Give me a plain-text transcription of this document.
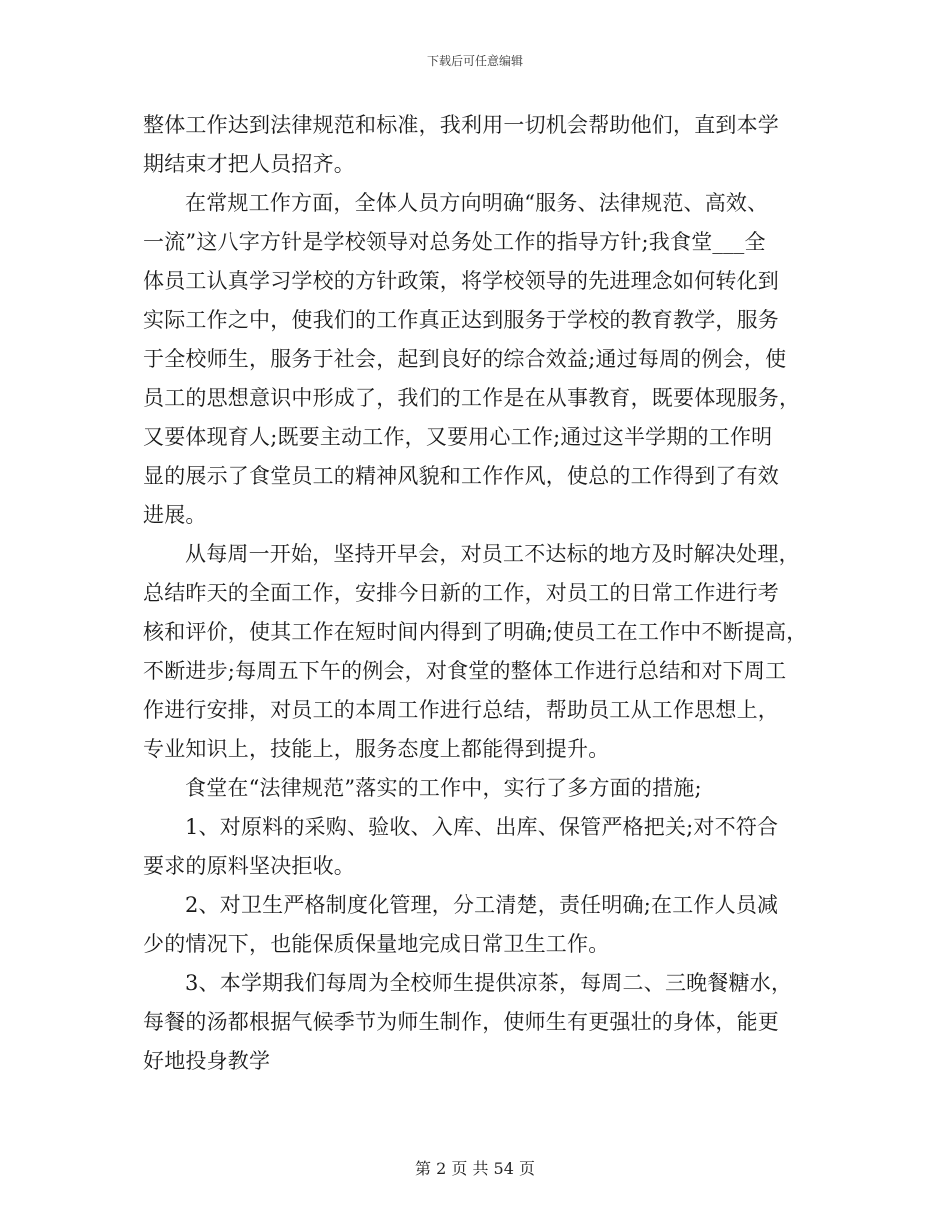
下载后可任意编辑
整体工作达到法律规范和标准，我利用一切机会帮助他们，直到本学
期结束才把人员招齐。
在常规工作方面，全体人员方向明确“服务、法律规范、高效、
一流”这八字方针是学校领导对总务处工作的指导方针;我食堂___全
体员工认真学习学校的方针政策，将学校领导的先进理念如何转化到
实际工作之中，使我们的工作真正达到服务于学校的教育教学，服务
于全校师生，服务于社会，起到良好的综合效益;通过每周的例会，使
员工的思想意识中形成了，我们的工作是在从事教育，既要体现服务，
又要体现育人;既要主动工作，又要用心工作;通过这半学期的工作明
显的展示了食堂员工的精神风貌和工作作风，使总的工作得到了有效
进展。
从每周一开始，坚持开早会，对员工不达标的地方及时解决处理，
总结昨天的全面工作，安排今日新的工作，对员工的日常工作进行考
核和评价，使其工作在短时间内得到了明确;使员工在工作中不断提高，
不断进步;每周五下午的例会，对食堂的整体工作进行总结和对下周工
作进行安排，对员工的本周工作进行总结，帮助员工从工作思想上，
专业知识上，技能上，服务态度上都能得到提升。
食堂在“法律规范”落实的工作中，实行了多方面的措施;
1、对原料的采购、验收、入库、出库、保管严格把关;对不符合
要求的原料坚决拒收。
2、对卫生严格制度化管理，分工清楚，责任明确;在工作人员减
少的情况下，也能保质保量地完成日常卫生工作。
3、本学期我们每周为全校师生提供凉茶，每周二、三晚餐糖水，
每餐的汤都根据气候季节为师生制作，使师生有更强壮的身体，能更
好地投身教学
第 2 页 共 54 页
